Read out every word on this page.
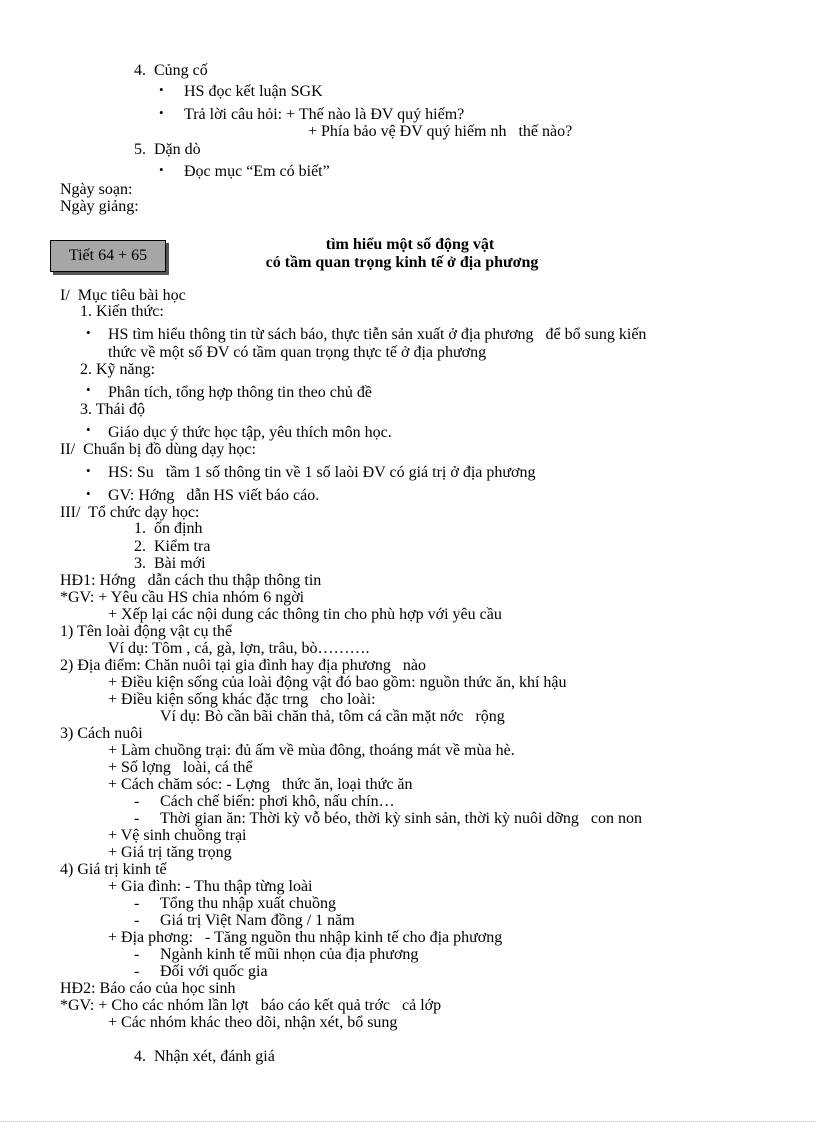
4.  Củng cố
• HS đọc kết luận SGK
• Trả lời câu hỏi: + Thế nào là ĐV quý hiếm?
+ Phía bảo vệ ĐV quý hiếm nh   thế nào?
5.  Dặn dò
• Đọc mục “Em có biết”
Ngày soạn:
Ngày giảng:
Tiết 64 + 65
tìm hiểu một số động vật
có tầm quan trọng kinh tế ở địa phương
I/  Mục tiêu bài học
1. Kiến thức:
• HS tìm hiểu thông tin từ sách báo, thực tiễn sản xuất ở địa phương   để bổ sung kiến
thức về một số ĐV có tầm quan trọng thực tế ở địa phương
2. Kỹ năng:
• Phân tích, tổng hợp thông tin theo chủ đề
3. Thái độ
• Giáo dục ý thức học tập, yêu thích môn học.
II/  Chuẩn bị đồ dùng dạy học:
• HS: Su   tầm 1 số thông tin về 1 số laòi ĐV có giá trị ở địa phương
• GV: Hớng   dẫn HS viết báo cáo.
III/  Tổ chức dạy học:
1.  ổn định
2.  Kiểm tra
3.  Bài mới
HĐ1: Hớng   dẫn cách thu thập thông tin
*GV: + Yêu cầu HS chia nhóm 6 ngời
+ Xếp lại các nội dung các thông tin cho phù hợp với yêu cầu
1) Tên loài động vật cụ thể
Ví dụ: Tôm , cá, gà, lợn, trâu, bò……….
2) Địa điểm: Chăn nuôi tại gia đình hay địa phương   nào
+ Điều kiện sống của loài động vật đó bao gồm: nguồn thức ăn, khí hậu
+ Điều kiện sống khác đặc trng   cho loài:
Ví dụ: Bò cần bãi chăn thả, tôm cá cần mặt nớc   rộng
3) Cách nuôi
+ Làm chuồng trại: đủ ấm về mùa đông, thoáng mát về mùa hè.
+ Số lợng   loài, cá thể
+ Cách chăm sóc: - Lợng   thức ăn, loại thức ăn
- Cách chế biến: phơi khô, nấu chín…
- Thời gian ăn: Thời kỳ vỗ béo, thời kỳ sinh sản, thời kỳ nuôi dỡng   con non
+ Vệ sinh chuồng trại
+ Giá trị tăng trọng
4) Giá trị kinh tế
+ Gia đình: - Thu thập từng loài
- Tổng thu nhập xuất chuồng
- Giá trị Việt Nam đồng / 1 năm
+ Địa phơng:   - Tăng nguồn thu nhập kinh tế cho địa phương
- Ngành kinh tế mũi nhọn của địa phương
- Đối với quốc gia
HĐ2: Báo cáo của học sinh
*GV: + Cho các nhóm lần lợt   báo cáo kết quả trớc   cả lớp
+ Các nhóm khác theo dõi, nhận xét, bổ sung
4.  Nhận xét, đánh giá
